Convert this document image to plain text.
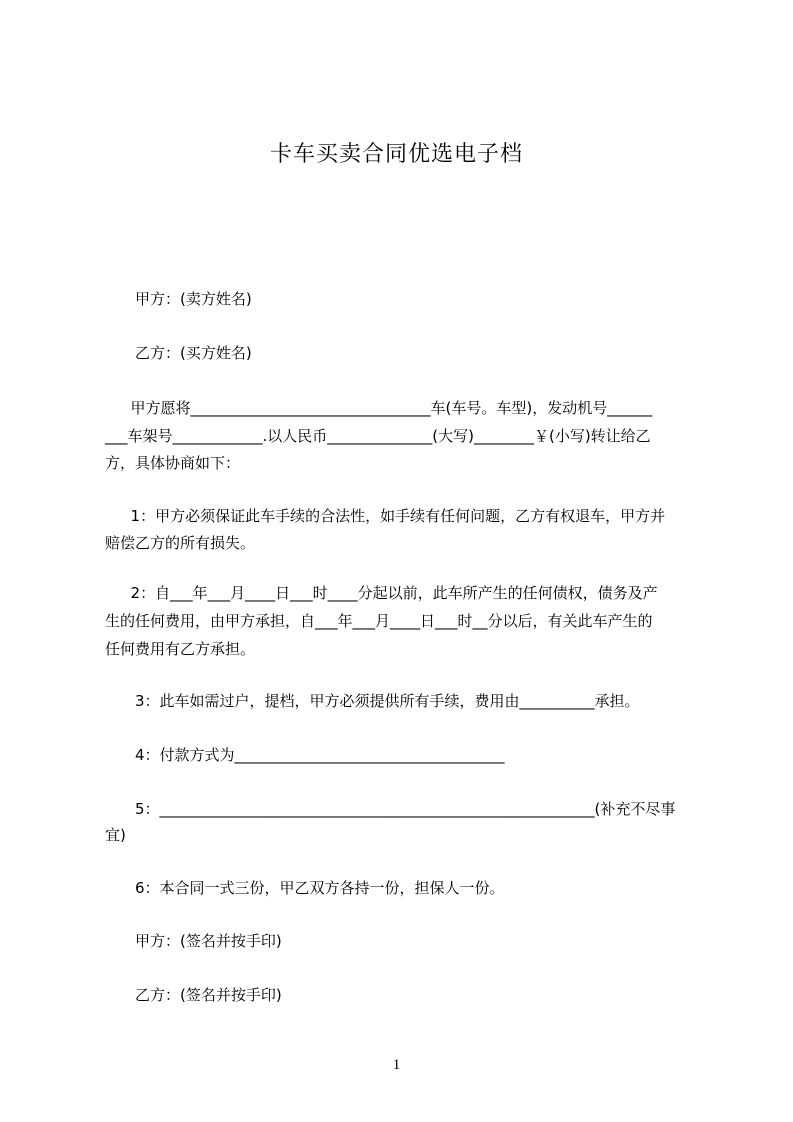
卡车买卖合同优选电子档
甲方：(卖方姓名)
乙方：(买方姓名)
甲方愿将________________________________车(车号。车型)，发动机号______
___车架号____________.以人民币______________(大写)________￥(小写)转让给乙
方，具体协商如下：
1：甲方必须保证此车手续的合法性，如手续有任何问题，乙方有权退车，甲方并
赔偿乙方的所有损失。
2：自___年___月____日___时____分起以前，此车所产生的任何债权，债务及产
生的任何费用，由甲方承担，自___年___月____日___时__分以后，有关此车产生的
任何费用有乙方承担。
3：此车如需过户，提档，甲方必须提供所有手续，费用由__________承担。
4：付款方式为____________________________________
5：__________________________________________________________(补充不尽事
宜)
6：本合同一式三份，甲乙双方各持一份，担保人一份。
甲方：(签名并按手印)
乙方：(签名并按手印)
1
